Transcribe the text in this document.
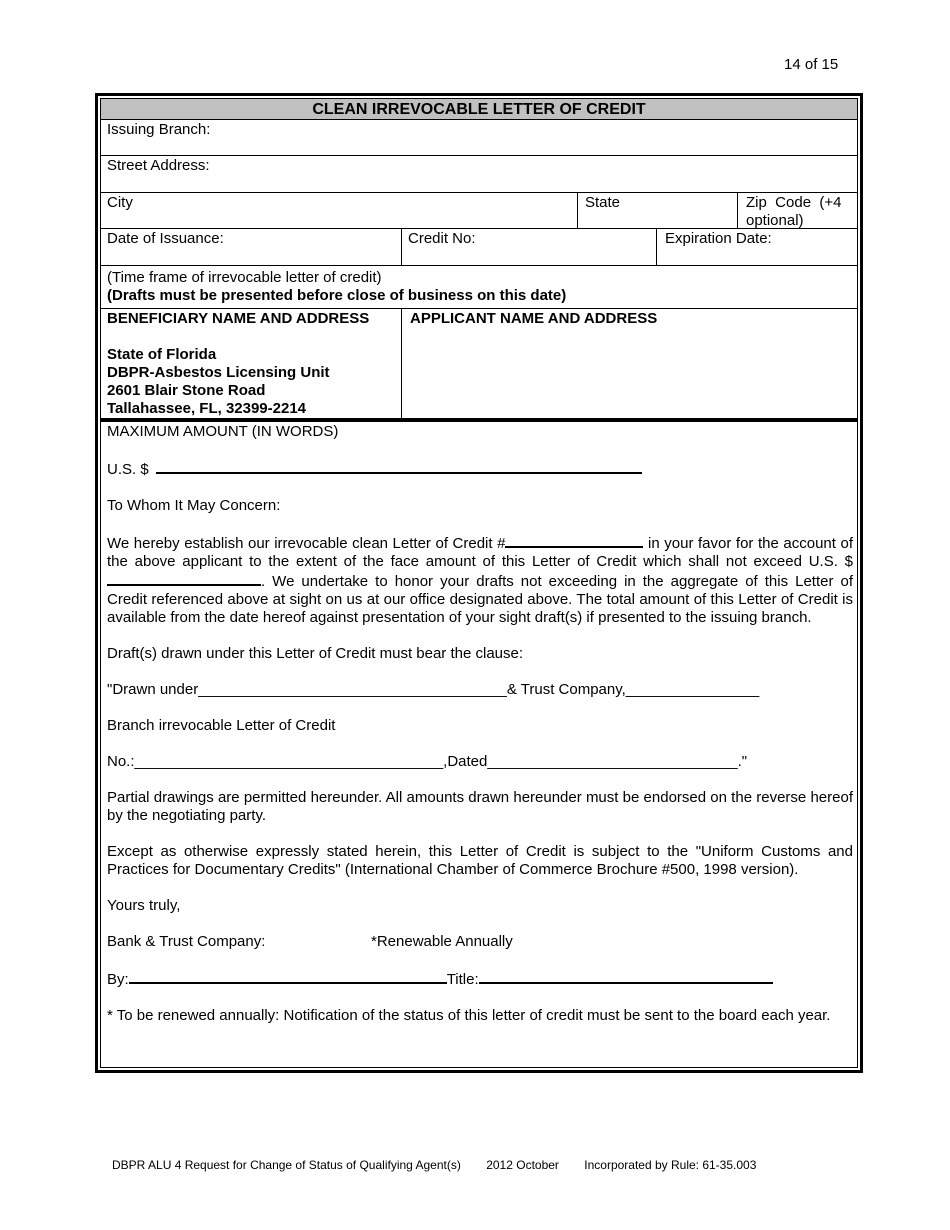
14 of 15
CLEAN IRREVOCABLE LETTER OF CREDIT
Issuing Branch:
Street Address:
City	State	Zip  Code  (+4
optional)
Date of Issuance:	Credit No:	Expiration Date:
(Time frame of irrevocable letter of credit)
(Drafts must be presented before close of business on this date)
BENEFICIARY NAME AND ADDRESS
State of Florida
DBPR-Asbestos Licensing Unit
2601 Blair Stone Road
Tallahassee, FL, 32399-2214
APPLICANT NAME AND ADDRESS
MAXIMUM AMOUNT (IN WORDS)
U.S. $
To Whom It May Concern:
We hereby establish our irrevocable clean Letter of Credit #	in your favor for the account of the above applicant to the extent of the face amount of this Letter of Credit which shall not exceed U.S. $. We undertake to honor your drafts not exceeding in the aggregate of this Letter of Credit referenced above at sight on us at our office designated above. The total amount of this Letter of Credit is available from the date hereof against presentation of your sight draft(s) if presented to the issuing branch.
Draft(s) drawn under this Letter of Credit must bear the clause:
"Drawn under_____________________________________& Trust Company,________________
Branch irrevocable Letter of Credit
No.:_____________________________________,Dated______________________________."
Partial drawings are permitted hereunder. All amounts drawn hereunder must be endorsed on the reverse hereof by the negotiating party.
Except as otherwise expressly stated herein, this Letter of Credit is subject to the "Uniform Customs and Practices for Documentary Credits" (International Chamber of Commerce Brochure #500, 1998 version).
Yours truly,
Bank & Trust Company:	*Renewable Annually
By:	Title:
* To be renewed annually: Notification of the status of this letter of credit must be sent to the board each year.
DBPR ALU 4 Request for Change of Status of Qualifying Agent(s) 2012 October Incorporated by Rule: 61-35.003
